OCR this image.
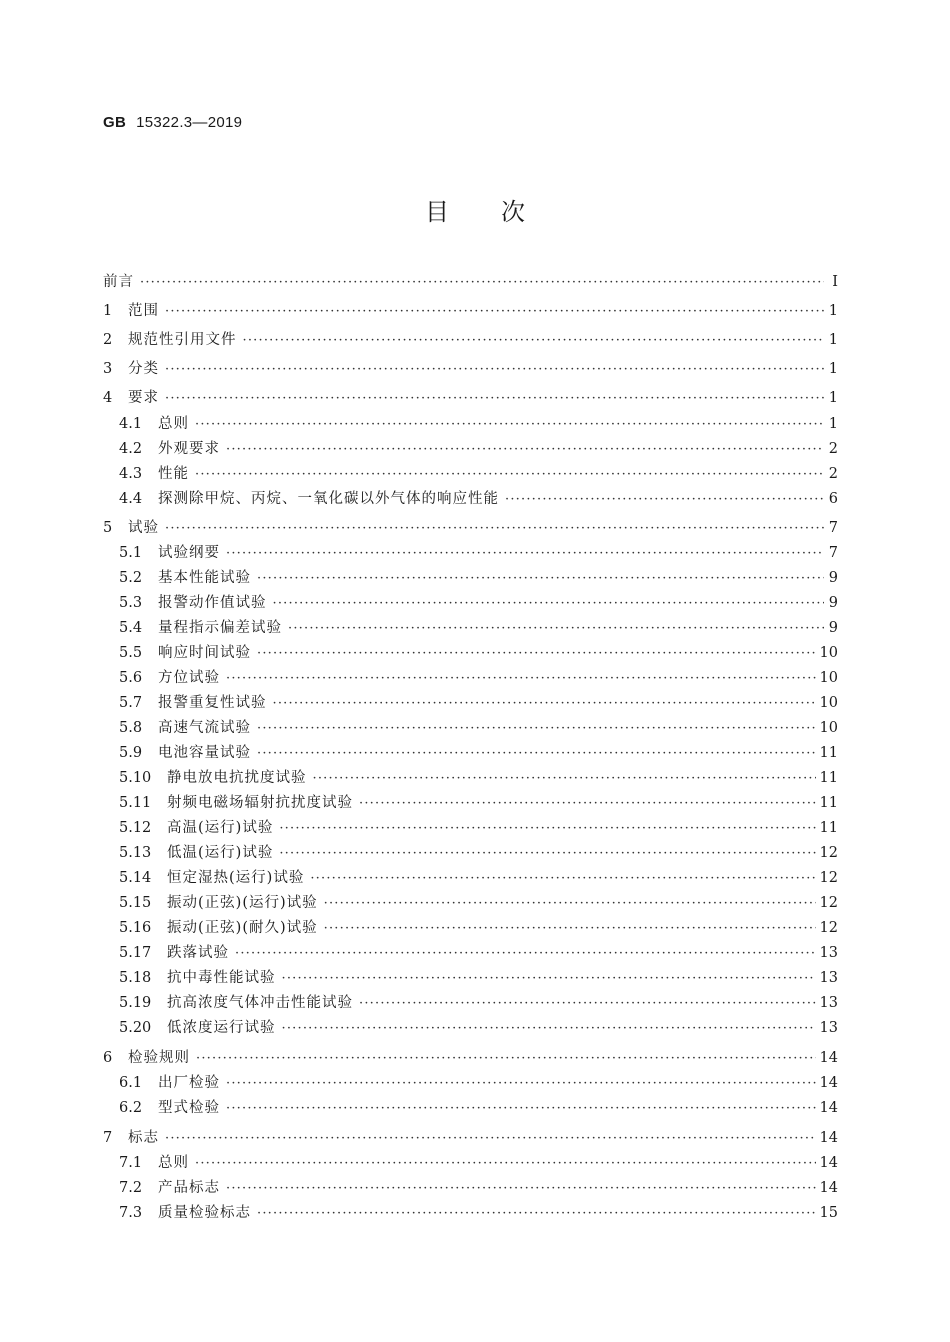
GB 15322.3—2019
目 次
前言 ·····	Ⅰ
1	范围 ·····	1
2	规范性引用文件 ·····	1
3	分类 ·····	1
4	要求 ·····	1
4.1	总则 ·····	1
4.2	外观要求 ·····	2
4.3	性能 ·····	2
4.4	探测除甲烷、丙烷、一氧化碳以外气体的响应性能 ·····	6
5	试验 ·····	7
5.1	试验纲要 ·····	7
5.2	基本性能试验 ·····	9
5.3	报警动作值试验 ·····	9
5.4	量程指示偏差试验 ·····	9
5.5	响应时间试验 ·····	10
5.6	方位试验 ·····	10
5.7	报警重复性试验 ·····	10
5.8	高速气流试验 ·····	10
5.9	电池容量试验 ·····	11
5.10	静电放电抗扰度试验 ·····	11
5.11	射频电磁场辐射抗扰度试验 ·····	11
5.12	高温(运行)试验 ·····	11
5.13	低温(运行)试验 ·····	12
5.14	恒定湿热(运行)试验 ·····	12
5.15	振动(正弦)(运行)试验 ·····	12
5.16	振动(正弦)(耐久)试验 ·····	12
5.17	跌落试验 ·····	13
5.18	抗中毒性能试验 ·····	13
5.19	抗高浓度气体冲击性能试验 ·····	13
5.20	低浓度运行试验 ·····	13
6	检验规则 ·····	14
6.1	出厂检验 ·····	14
6.2	型式检验 ·····	14
7	标志 ·····	14
7.1	总则 ·····	14
7.2	产品标志 ·····	14
7.3	质量检验标志 ·····	15
